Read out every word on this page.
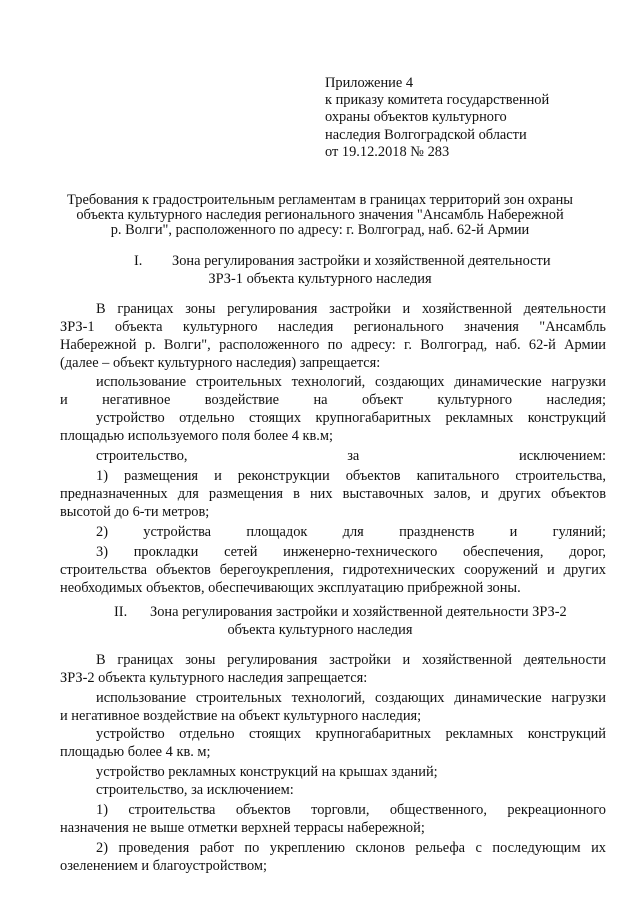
Приложение 4
к приказу комитета государственной
охраны объектов культурного
наследия Волгоградской области
от 19.12.2018 № 283
Требования к градостроительным регламентам в границах территорий зон охраны
объекта культурного наследия регионального значения "Ансамбль Набережной
р. Волги", расположенного по адресу: г. Волгоград, наб. 62-й Армии
I. Зона регулирования застройки и хозяйственной деятельности
ЗРЗ-1 объекта культурного наследия
В границах зоны регулирования застройки и хозяйственной деятельности
ЗРЗ-1 объекта культурного наследия регионального значения "Ансамбль
Набережной р. Волги", расположенного по адресу: г. Волгоград, наб. 62-й Армии
(далее – объект культурного наследия) запрещается:
использование строительных технологий, создающих динамические нагрузки
и негативное воздействие на объект культурного наследия;
устройство отдельно стоящих крупногабаритных рекламных конструкций
площадью используемого поля более 4 кв.м;
строительство, за исключением:
1) размещения и реконструкции объектов капитального строительства,
предназначенных для размещения в них выставочных залов, и других объектов
высотой до 6-ти метров;
2) устройства площадок для праздненств и гуляний;
3) прокладки сетей инженерно-технического обеспечения, дорог,
строительства объектов берегоукрепления, гидротехнических сооружений и других
необходимых объектов, обеспечивающих эксплуатацию прибрежной зоны.
II. Зона регулирования застройки и хозяйственной деятельности ЗРЗ-2
объекта культурного наследия
В границах зоны регулирования застройки и хозяйственной деятельности
ЗРЗ-2 объекта культурного наследия запрещается:
использование строительных технологий, создающих динамические нагрузки
и негативное воздействие на объект культурного наследия;
устройство отдельно стоящих крупногабаритных рекламных конструкций
площадью более 4 кв. м;
устройство рекламных конструкций на крышах зданий;
строительство, за исключением:
1) строительства объектов торговли, общественного, рекреационного
назначения не выше отметки верхней террасы набережной;
2) проведения работ по укреплению склонов рельефа с последующим их
озеленением и благоустройством;
